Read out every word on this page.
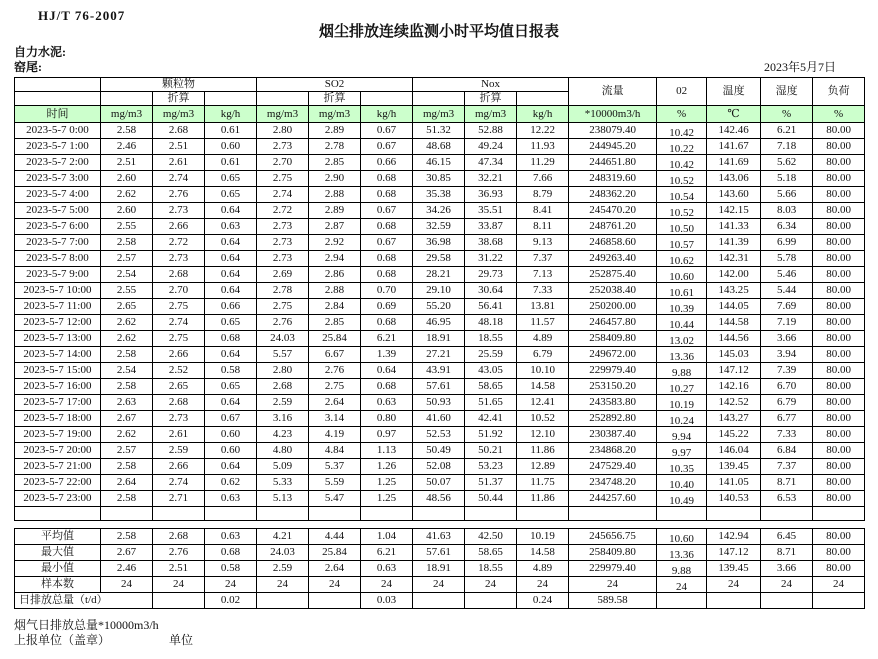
HJ/T 76-2007
烟尘排放连续监测小时平均值日报表
自力水泥:
窑尾:	2023年5月7日
	颗粒物			SO2			Nox			流量	02	温度	湿度	负荷
		折算			折算			折算						
时间	mg/m3	mg/m3	kg/h	mg/m3	mg/m3	kg/h	mg/m3	mg/m3	kg/h	*10000m3/h	%	℃	%	%
2023-5-7 0:00	2.58	2.68	0.61	2.80	2.89	0.67	51.32	52.88	12.22	238079.40	10.42	142.46	6.21	80.00
2023-5-7 1:00	2.46	2.51	0.60	2.73	2.78	0.67	48.68	49.24	11.93	244945.20	10.22	141.67	7.18	80.00
2023-5-7 2:00	2.51	2.61	0.61	2.70	2.85	0.66	46.15	47.34	11.29	244651.80	10.42	141.69	5.62	80.00
2023-5-7 3:00	2.60	2.74	0.65	2.75	2.90	0.68	30.85	32.21	7.66	248319.60	10.52	143.06	5.18	80.00
2023-5-7 4:00	2.62	2.76	0.65	2.74	2.88	0.68	35.38	36.93	8.79	248362.20	10.54	143.60	5.66	80.00
2023-5-7 5:00	2.60	2.73	0.64	2.72	2.89	0.67	34.26	35.51	8.41	245470.20	10.52	142.15	8.03	80.00
2023-5-7 6:00	2.55	2.66	0.63	2.73	2.87	0.68	32.59	33.87	8.11	248761.20	10.50	141.33	6.34	80.00
2023-5-7 7:00	2.58	2.72	0.64	2.73	2.92	0.67	36.98	38.68	9.13	246858.60	10.57	141.39	6.99	80.00
2023-5-7 8:00	2.57	2.73	0.64	2.73	2.94	0.68	29.58	31.22	7.37	249263.40	10.62	142.31	5.78	80.00
2023-5-7 9:00	2.54	2.68	0.64	2.69	2.86	0.68	28.21	29.73	7.13	252875.40	10.60	142.00	5.46	80.00
2023-5-7 10:00	2.55	2.70	0.64	2.78	2.88	0.70	29.10	30.64	7.33	252038.40	10.61	143.25	5.44	80.00
2023-5-7 11:00	2.65	2.75	0.66	2.75	2.84	0.69	55.20	56.41	13.81	250200.00	10.39	144.05	7.69	80.00
2023-5-7 12:00	2.62	2.74	0.65	2.76	2.85	0.68	46.95	48.18	11.57	246457.80	10.44	144.58	7.19	80.00
2023-5-7 13:00	2.62	2.75	0.68	24.03	25.84	6.21	18.91	18.55	4.89	258409.80	13.02	144.56	3.66	80.00
2023-5-7 14:00	2.58	2.66	0.64	5.57	6.67	1.39	27.21	25.59	6.79	249672.00	13.36	145.03	3.94	80.00
2023-5-7 15:00	2.54	2.52	0.58	2.80	2.76	0.64	43.91	43.05	10.10	229979.40	9.88	147.12	7.39	80.00
2023-5-7 16:00	2.58	2.65	0.65	2.68	2.75	0.68	57.61	58.65	14.58	253150.20	10.27	142.16	6.70	80.00
2023-5-7 17:00	2.63	2.68	0.64	2.59	2.64	0.63	50.93	51.65	12.41	243583.80	10.19	142.52	6.79	80.00
2023-5-7 18:00	2.67	2.73	0.67	3.16	3.14	0.80	41.60	42.41	10.52	252892.80	10.24	143.27	6.77	80.00
2023-5-7 19:00	2.62	2.61	0.60	4.23	4.19	0.97	52.53	51.92	12.10	230387.40	9.94	145.22	7.33	80.00
2023-5-7 20:00	2.57	2.59	0.60	4.80	4.84	1.13	50.49	50.21	11.86	234868.20	9.97	146.04	6.84	80.00
2023-5-7 21:00	2.58	2.66	0.64	5.09	5.37	1.26	52.08	53.23	12.89	247529.40	10.35	139.45	7.37	80.00
2023-5-7 22:00	2.64	2.74	0.62	5.33	5.59	1.25	50.07	51.37	11.75	234748.20	10.40	141.05	8.71	80.00
2023-5-7 23:00	2.58	2.71	0.63	5.13	5.47	1.25	48.56	50.44	11.86	244257.60	10.49	140.53	6.53	80.00

平均值	2.58	2.68	0.63	4.21	4.44	1.04	41.63	42.50	10.19	245656.75	10.60	142.94	6.45	80.00
最大值	2.67	2.76	0.68	24.03	25.84	6.21	57.61	58.65	14.58	258409.80	13.36	147.12	8.71	80.00
最小值	2.46	2.51	0.58	2.59	2.64	0.63	18.91	18.55	4.89	229979.40	9.88	139.45	3.66	80.00
样本数	24	24	24	24	24	24	24	24	24	24	24	24	24	24
日排放总量（t/d）			0.02			0.03			0.24	589.58				
烟气日排放总量*10000m3/h
上报单位（盖章）	单位
